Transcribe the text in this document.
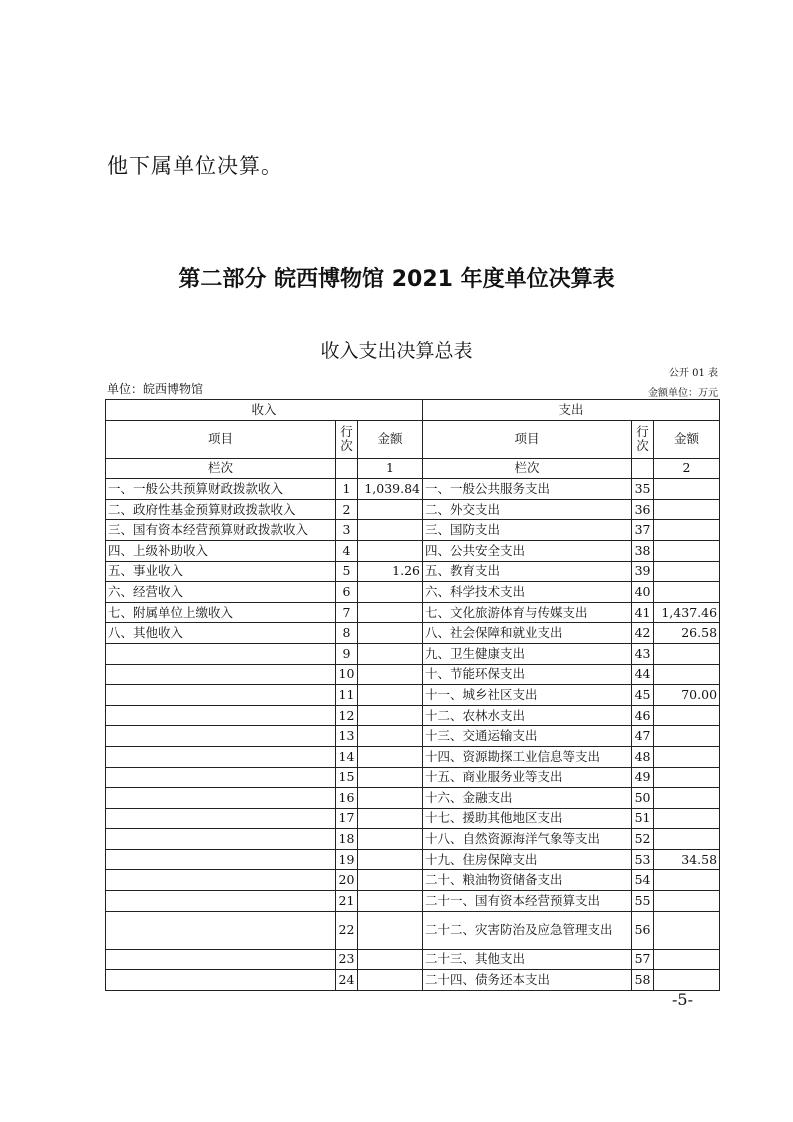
他下属单位决算。
第二部分 皖西博物馆 2021 年度单位决算表
收入支出决算总表
公开 01 表
单位：皖西博物馆	金额单位：万元
收入			支出		
项目	行次	金额	项目	行次	金额
栏次		1	栏次		2
一、一般公共预算财政拨款收入	1	1,039.84	一、一般公共服务支出	35	
二、政府性基金预算财政拨款收入	2		二、外交支出	36	
三、国有资本经营预算财政拨款收入	3		三、国防支出	37	
四、上级补助收入	4		四、公共安全支出	38	
五、事业收入	5	1.26	五、教育支出	39	
六、经营收入	6		六、科学技术支出	40	
七、附属单位上缴收入	7		七、文化旅游体育与传媒支出	41	1,437.46
八、其他收入	8		八、社会保障和就业支出	42	26.58
	9		九、卫生健康支出	43	
	10		十、节能环保支出	44	
	11		十一、城乡社区支出	45	70.00
	12		十二、农林水支出	46	
	13		十三、交通运输支出	47	
	14		十四、资源勘探工业信息等支出	48	
	15		十五、商业服务业等支出	49	
	16		十六、金融支出	50	
	17		十七、援助其他地区支出	51	
	18		十八、自然资源海洋气象等支出	52	
	19		十九、住房保障支出	53	34.58
	20		二十、粮油物资储备支出	54	
	21		二十一、国有资本经营预算支出	55	
	22		二十二、灾害防治及应急管理支出	56	
	23		二十三、其他支出	57	
	24		二十四、债务还本支出	58	
-5-
